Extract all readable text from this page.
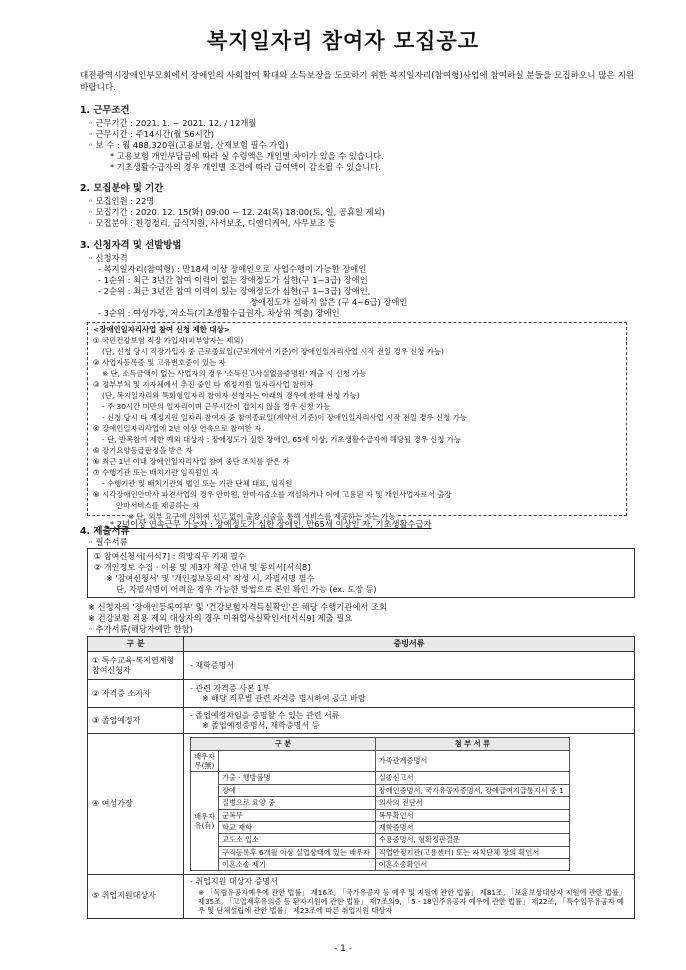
복지일자리 참여자 모집공고
대전광역시장애인부모회에서 장애인의 사회참여 확대와 소득보장을 도모하기 위한 복지일자리(참여형)사업에 참여하실 분들을 모집하오니 많은 지원 바랍니다.
1. 근무조건
◦ 근무기간 : 2021. 1. ~ 2021. 12. / 12개월
◦ 근무시간 : 주14시간(월 56시간)
◦ 보 수 : 월 488,320원(고용보험, 산재보험 필수 가입)
* 고용보험 개인부담금에 따라 실 수령액은 개인별 차이가 있을 수 있습니다.
* 기초생활수급자의 경우 개인별 조건에 따라 급여액이 감소될 수 있습니다.
2. 모집분야 및 기간
◦ 모집인원 : 22명
◦ 모집기간 : 2020. 12. 15(화) 09:00 ~ 12. 24(목) 18:00(토, 일, 공휴일 제외)
◦ 모집분야 : 환경정리, 급식지원, 사서보조, 디앤디케어, 사무보조 등
3. 신청자격 및 선발방법
◦ 신청자격
- 복지일자리(참여형) : 만18세 이상 장애인으로 사업수행이 가능한 장애인
- 1순위 : 최근 3년간 참여 이력이 없는 장애정도가 심한(구 1~3급) 장애인
- 2순위 : 최근 3년간 참여 이력이 있는 장애정도가 심한(구 1~3급) 장애인,
장애정도가 심하지 않은 (구 4~6급) 장애인
- 3순위 : 여성가장, 저소득(기초생활수급권자, 차상위 계층) 장애인
<장애인일자리사업 참여 신청 제한 대상>
① 국민건강보험 직장 가입자(피부양자는 제외)
(단, 신청 당시 직장가입자 중 근로종료일(근로계약서 기준)이 장애인일자리사업 시작 전일 경우 신청 가능)
② 사업자등록증 및 고유번호증이 있는 자
※ 단, 소득금액이 없는 사업자의 경우 '소득신고사실없음증명원' 제출 시 신청 가능
③ 정부부처 및 지자체에서 추진 중인 타 재정지원 일자리사업 참여자
(단, 복지일자리와 특화형일자리 참여자 신청자는 아래의 경우에 한해 신청 가능)
- 주 30시간 미만의 일자리이며 근무시간이 겹치지 않을 경우 신청 가능
- 신청 당시 타 재정지원 일자리 참여자 중 참여종료일(계약서 기준)이 장애인일자리사업 시작 전일 경우 신청 가능
④ 장애인일자리사업에 2년 이상 연속으로 참여한 자
- 단, 반복참여 제한 예외 대상자 : 장애정도가 심한 장애인, 65세 이상, 기초생활수급자에 해당될 경우 신청 가능
⑤ 장기요양등급판정을 받은 자
⑥ 최근 1년 이내 장애인일자리사업 참여 중단 조치를 받은 자
⑦ 수행기관 또는 배치기관 임직원인 자
- 수행기관 및 배치기관의 법인 또는 기관 단체 대표, 임직원
⑧ 시각장애인안마사 파견사업의 경우 안마원, 안마시술소를 개설하거나 이에 고용된 자 및 개인사업자로서 출장
안마서비스를 제공하는 자
※ 단, 외부 요구에 의하여 신고 없이 출장 시술을 통해 서비스를 제공하는 자는 가능
* 2년이상 연속근무 가능자 : 장애정도가 심한 장애인, 만65세 이상인 자, 기초생활수급자
4. 제출서류
◦ 필수서류
① 참여신청서[서식7] : 희망직무 기재 필수
② 개인정보 수집 · 이용 및 제3자 제공 안내 및 동의서[서식8]
※ '참여신청서' 및 '개인정보동의서' 작성 시, 자필서명 필수
단, 자필서명이 어려운 경우 가능한 방법으로 본인 확인 가능 (ex. 도장 등)
※ 신청자의 '장애인등록여부' 및 '건강보험자격득실확인'은 해당 수행기관에서 조회
※ 건강보험 적용 제외 대상자의 경우 미취업사실확인서[서식9] 제출 필요
◦ 추가서류(해당자에만 한함)
구 분	증빙서류
① 특수교육-복지연계형 참여신청자	
- 재학증명서

② 자격증 소지자	
- 관련 자격증 사본 1부
※ 해당 직무별 관련 자격증 명시하여 공고 바람

③ 졸업예정자	
- 졸업예정자임을 증명할 수 있는 관련 서류
※ 졸업예정증명서, 재학증명서 등

④ 여성가장	
구 분	첨 부 서 류
배우자 무(無)		가족관계증명서
배우자 유(有)	가출 · 행방불명	실종신고서
장애	장애인증명서, 국가유공자증명서, 장애급여지급통지서 중 1
질병으로 요양 중	의사의 진단서
군복무	복무확인서
학교 재학	재학증명서
교도소 입소	수용증명서, 형확정판결문
구직등록후 6개월 이상 실업상태에 있는 배우자	직업안정기관(고용센터) 또는 자치단체 장의 확인서
이혼소송 제기	이혼소송확인서

⑤ 취업지원대상자	
- 취업지원 대상자 증명서
※ 「독립유공자예우에 관한 법률」 제16조, 「국가유공자 등 예우 및 지원에 관한 법률」 제81조, 「보훈보상대상자 지원에 관한 법률」 제35조, 「고엽제후유의증 등 환자지원에 관한 법률」 제7조의9, 「5 · 18민주유공자 예우에 관한 법률」 제22조, 「특수임무유공자 예우 및 단체설립에 관한 법률」 제23조에 따른 취업지원 대상자
- 1 -
